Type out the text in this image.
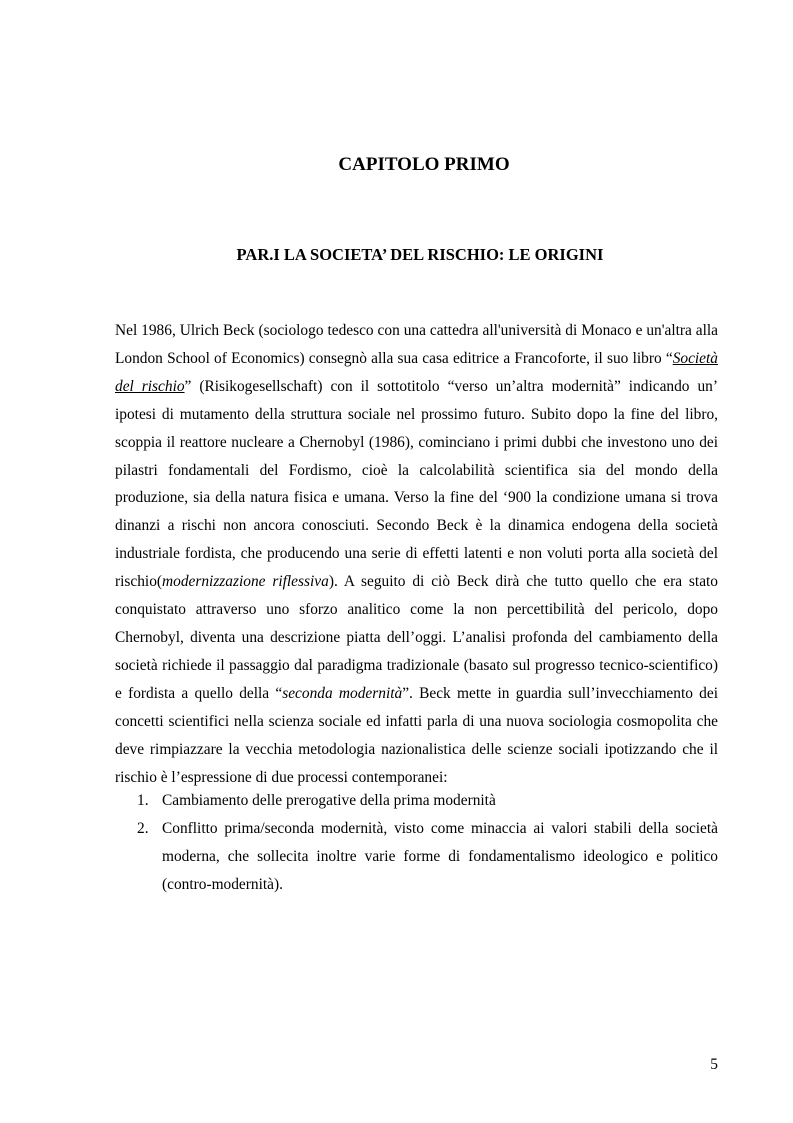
CAPITOLO PRIMO
PAR.I LA SOCIETA’ DEL RISCHIO: LE ORIGINI

Nel 1986, Ulrich Beck (sociologo tedesco con una cattedra all'università di Monaco e un'altra alla London School of Economics) consegnò alla sua casa editrice a Francoforte, il suo libro “Società del rischio” (Risikogesellschaft) con il sottotitolo “verso un’altra modernità” indicando un’ ipotesi di mutamento della struttura sociale nel prossimo futuro. Subito dopo la fine del libro, scoppia il reattore nucleare a Chernobyl (1986), cominciano i primi dubbi che investono uno dei pilastri fondamentali del Fordismo, cioè la calcolabilità scientifica sia del mondo della produzione, sia della natura fisica e umana. Verso la fine del ‘900 la condizione umana si trova dinanzi a rischi non ancora conosciuti. Secondo Beck è la dinamica endogena della società industriale fordista, che producendo una serie di effetti latenti e non voluti porta alla società del rischio(modernizzazione riflessiva). A seguito di ciò Beck dirà che tutto quello che era stato conquistato attraverso uno sforzo analitico come la non percettibilità del pericolo, dopo Chernobyl, diventa una descrizione piatta dell’oggi. L’analisi profonda del cambiamento della società richiede il passaggio dal paradigma tradizionale (basato sul progresso tecnico-scientifico) e fordista a quello della “seconda modernità”. Beck mette in guardia sull’invecchiamento dei concetti scientifici nella scienza sociale ed infatti parla di una nuova sociologia cosmopolita che deve rimpiazzare la vecchia metodologia nazionalistica delle scienze sociali ipotizzando che il rischio è l’espressione di due processi contemporanei:

1. Cambiamento delle prerogative della prima modernità
2. Conflitto prima/seconda modernità, visto come minaccia ai valori stabili della società moderna, che sollecita inoltre varie forme di fondamentalismo ideologico e politico (contro-modernità).

5
